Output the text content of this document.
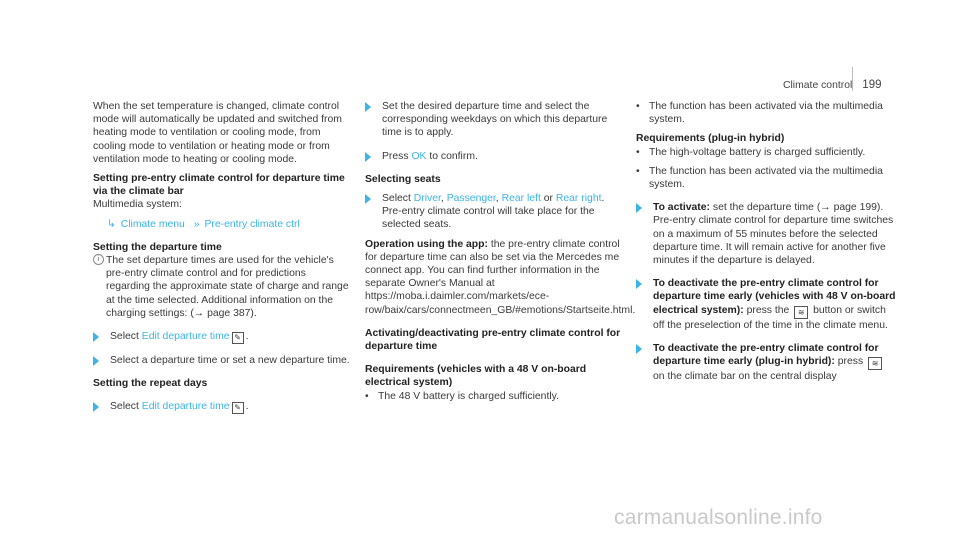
Climate control 199

When the set temperature is changed, climate control mode will automatically be updated and switched from heating mode to ventilation or cooling mode, from cooling mode to ventilation or heating mode or from ventilation mode to heating or cooling mode.

Setting pre-entry climate control for departure time via the climate bar

Multimedia system:

↳ Climate menu » Pre-entry climate ctrl

Setting the departure time

i The set departure times are used for the vehicle's pre-entry climate control and for predictions regarding the approximate state of charge and range at the time selected. Additional information on the charging settings: (→ page 387).
Select Edit departure time ✎ .
Select a departure time or set a new departure time.

Setting the repeat days

Select Edit departure time ✎ .
Set the desired departure time and select the corresponding weekdays on which this departure time is to apply.
Press OK to confirm.

Selecting seats

Select Driver, Passenger, Rear left or Rear right.
Pre-entry climate control will take place for the selected seats.

Operation using the app: the pre-entry climate control for departure time can also be set via the Mercedes me connect app. You can find further information in the separate Owner's Manual at https://moba.i.daimler.com/markets/ece-row/baix/cars/connectmeen_GB/#emotions/Startseite.html.

Activating/deactivating pre-entry climate control for departure time

Requirements (vehicles with a 48 V on-board electrical system)

• The 48 V battery is charged sufficiently.
• The function has been activated via the multimedia system.

Requirements (plug-in hybrid)

• The high-voltage battery is charged sufficiently.
• The function has been activated via the multimedia system.
To activate: set the departure time (→ page 199). Pre-entry climate control for departure time switches on a maximum of 55 minutes before the selected departure time. It will remain active for another five minutes if the departure is delayed.
To deactivate the pre-entry climate control for departure time early (vehicles with 48 V on-board electrical system): press the ≋ button or switch off the preselection of the time in the climate menu.
To deactivate the pre-entry climate control for departure time early (plug-in hybrid): press ≋ on the climate bar on the central display
carmanualsonline.info
